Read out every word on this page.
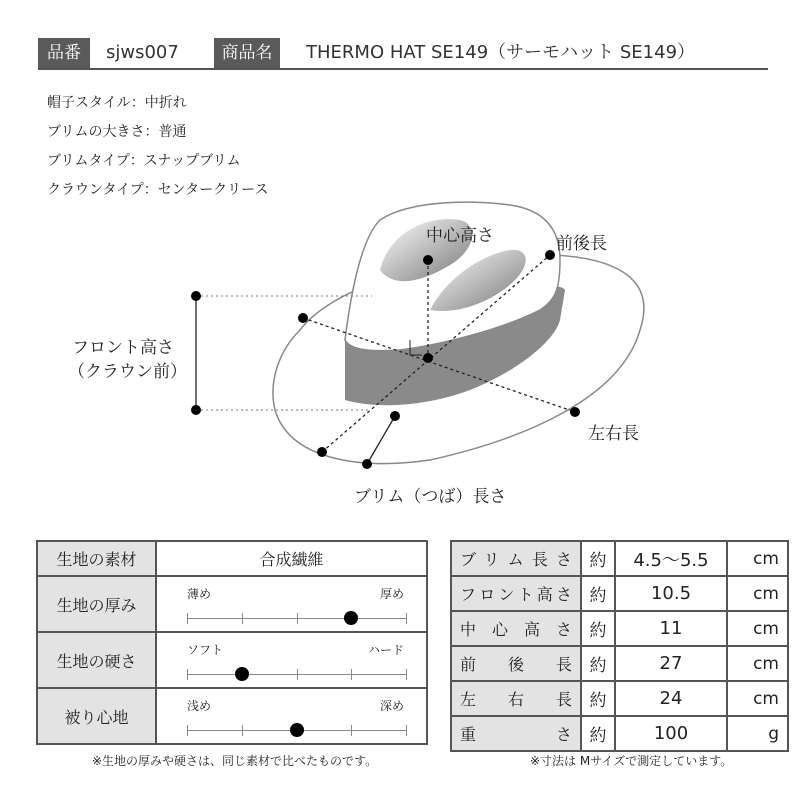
品番	sjws007	商品名	THERMO HAT SE149（サーモハット SE149）
帽子スタイル：中折れ
ブリムの大きさ：普通
ブリムタイプ：スナップブリム
クラウンタイプ：センタークリース
中心高さ	前後長
フロント高さ
（クラウン前）
左右長
ブリム（つば）長さ
生地の素材	合成繊維
生地の厚み	薄め 厚め

生地の硬さ	ソフト ハード

被り心地	浅め 深め
※生地の厚みや硬さは、同じ素材で比べたものです。
ブリム長さ	約	4.5〜5.5	cm
フロント高さ	約	10.5	cm
中心高さ	約	11	cm
前後長	約	27	cm
左右長	約	24	cm
重さ	約	100	g
※寸法は Mサイズで測定しています。
